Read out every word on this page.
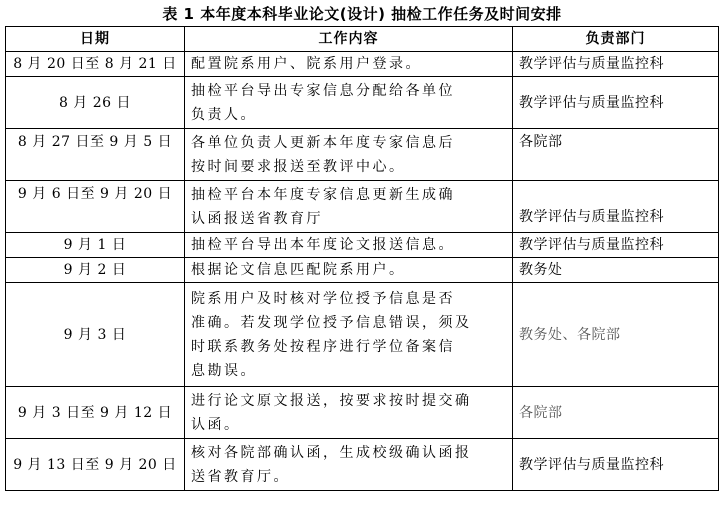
表 1 本年度本科毕业论文(设计) 抽检工作任务及时间安排
日期	工作内容	负责部门
8 月 20 日至 8 月 21 日	配置院系用户、院系用户登录。	教学评估与质量监控科
8 月 26 日	抽检平台导出专家信息分配给各单位
负责人。	教学评估与质量监控科
8 月 27 日至 9 月 5 日	各单位负责人更新本年度专家信息后
按时间要求报送至教评中心。	各院部
9 月 6 日至 9 月 20 日	抽检平台本年度专家信息更新生成确
认函报送省教育厅	教学评估与质量监控科
9 月 1 日	抽检平台导出本年度论文报送信息。	教学评估与质量监控科
9 月 2 日	根据论文信息匹配院系用户。	教务处
9 月 3 日	院系用户及时核对学位授予信息是否
准确。若发现学位授予信息错误，须及
时联系教务处按程序进行学位备案信
息勘误。	教务处、各院部
9 月 3 日至 9 月 12 日	进行论文原文报送，按要求按时提交确
认函。	各院部
9 月 13 日至 9 月 20 日	核对各院部确认函，生成校级确认函报
送省教育厅。	教学评估与质量监控科
